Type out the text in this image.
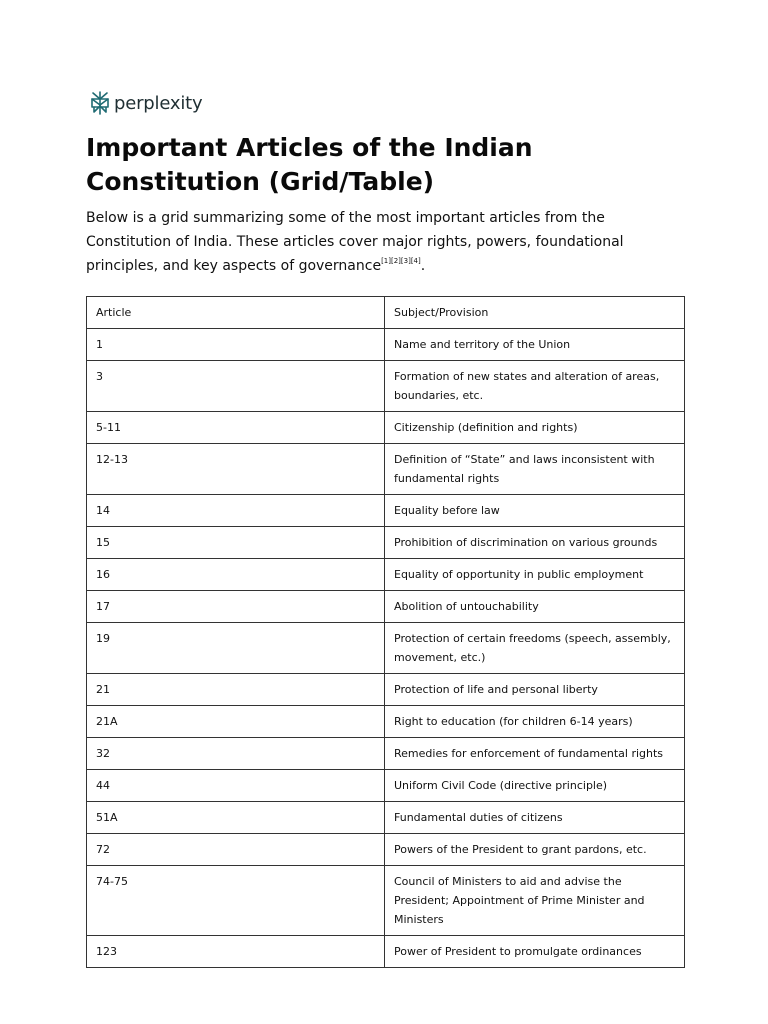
perplexity
Important Articles of the Indian Constitution (Grid/Table)

Below is a grid summarizing some of the most important articles from the Constitution of India. These articles cover major rights, powers, foundational principles, and key aspects of governance[1][2][3][4].

Article	Subject/Provision
1	Name and territory of the Union
3	Formation of new states and alteration of areas, boundaries, etc.
5-11	Citizenship (definition and rights)
12-13	Definition of “State” and laws inconsistent with fundamental rights
14	Equality before law
15	Prohibition of discrimination on various grounds
16	Equality of opportunity in public employment
17	Abolition of untouchability
19	Protection of certain freedoms (speech, assembly, movement, etc.)
21	Protection of life and personal liberty
21A	Right to education (for children 6-14 years)
32	Remedies for enforcement of fundamental rights
44	Uniform Civil Code (directive principle)
51A	Fundamental duties of citizens
72	Powers of the President to grant pardons, etc.
74-75	Council of Ministers to aid and advise the President; Appointment of Prime Minister and Ministers
123	Power of President to promulgate ordinances
